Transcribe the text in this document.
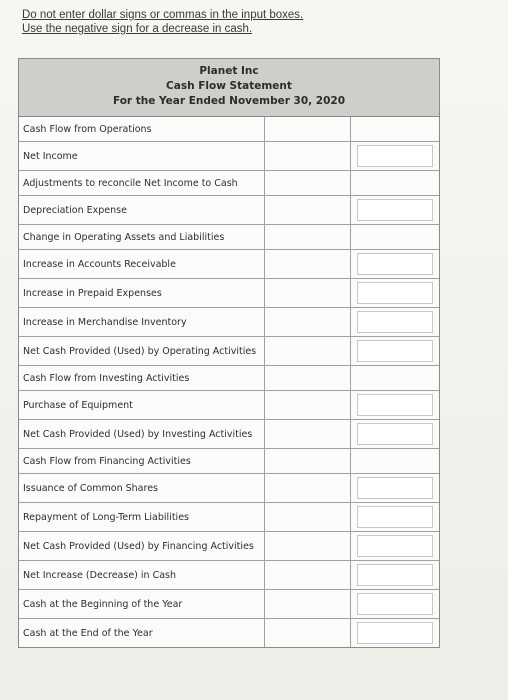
Do not enter dollar signs or commas in the input boxes.
Use the negative sign for a decrease in cash.
Planet Inc
Cash Flow Statement
For the Year Ended November 30, 2020
Cash Flow from Operations
Net Income
Adjustments to reconcile Net Income to Cash
Depreciation Expense
Change in Operating Assets and Liabilities
Increase in Accounts Receivable
Increase in Prepaid Expenses
Increase in Merchandise Inventory
Net Cash Provided (Used) by Operating Activities
Cash Flow from Investing Activities
Purchase of Equipment
Net Cash Provided (Used) by Investing Activities
Cash Flow from Financing Activities
Issuance of Common Shares
Repayment of Long-Term Liabilities
Net Cash Provided (Used) by Financing Activities
Net Increase (Decrease) in Cash
Cash at the Beginning of the Year
Cash at the End of the Year
